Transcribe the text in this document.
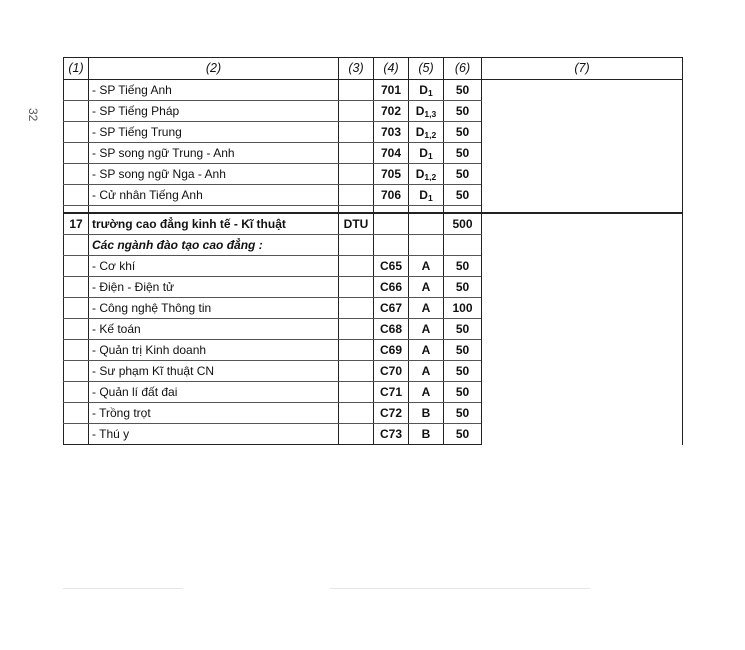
32
(1)	(2)	(3)	(4)	(5)	(6)	(7)
	- SP Tiếng Anh		701	$D_1$	50	
	- SP Tiếng Pháp		702	$D_{1,3}$	50	
	- SP Tiếng Trung		703	$D_{1,2}$	50	
	- SP song ngữ Trung - Anh		704	$D_1$	50	
	- SP song ngữ Nga - Anh		705	$D_{1,2}$	50	
	- Cử nhân Tiếng Anh		706	$D_1$	50	

17	trường cao đẳng kinh tế - Kĩ thuật	DTU			500	
	Các ngành đào tạo cao đẳng :					
	- Cơ khí		C65	A	50	
	- Điện - Điện tử		C66	A	50	
	- Công nghệ Thông tin		C67	A	100	
	- Kế toán		C68	A	50	
	- Quản trị Kinh doanh		C69	A	50	
	- Sư phạm Kĩ thuật CN		C70	A	50	
	- Quản lí đất đai		C71	A	50	
	- Trồng trọt		C72	B	50	
	- Thú y		C73	B	50	
